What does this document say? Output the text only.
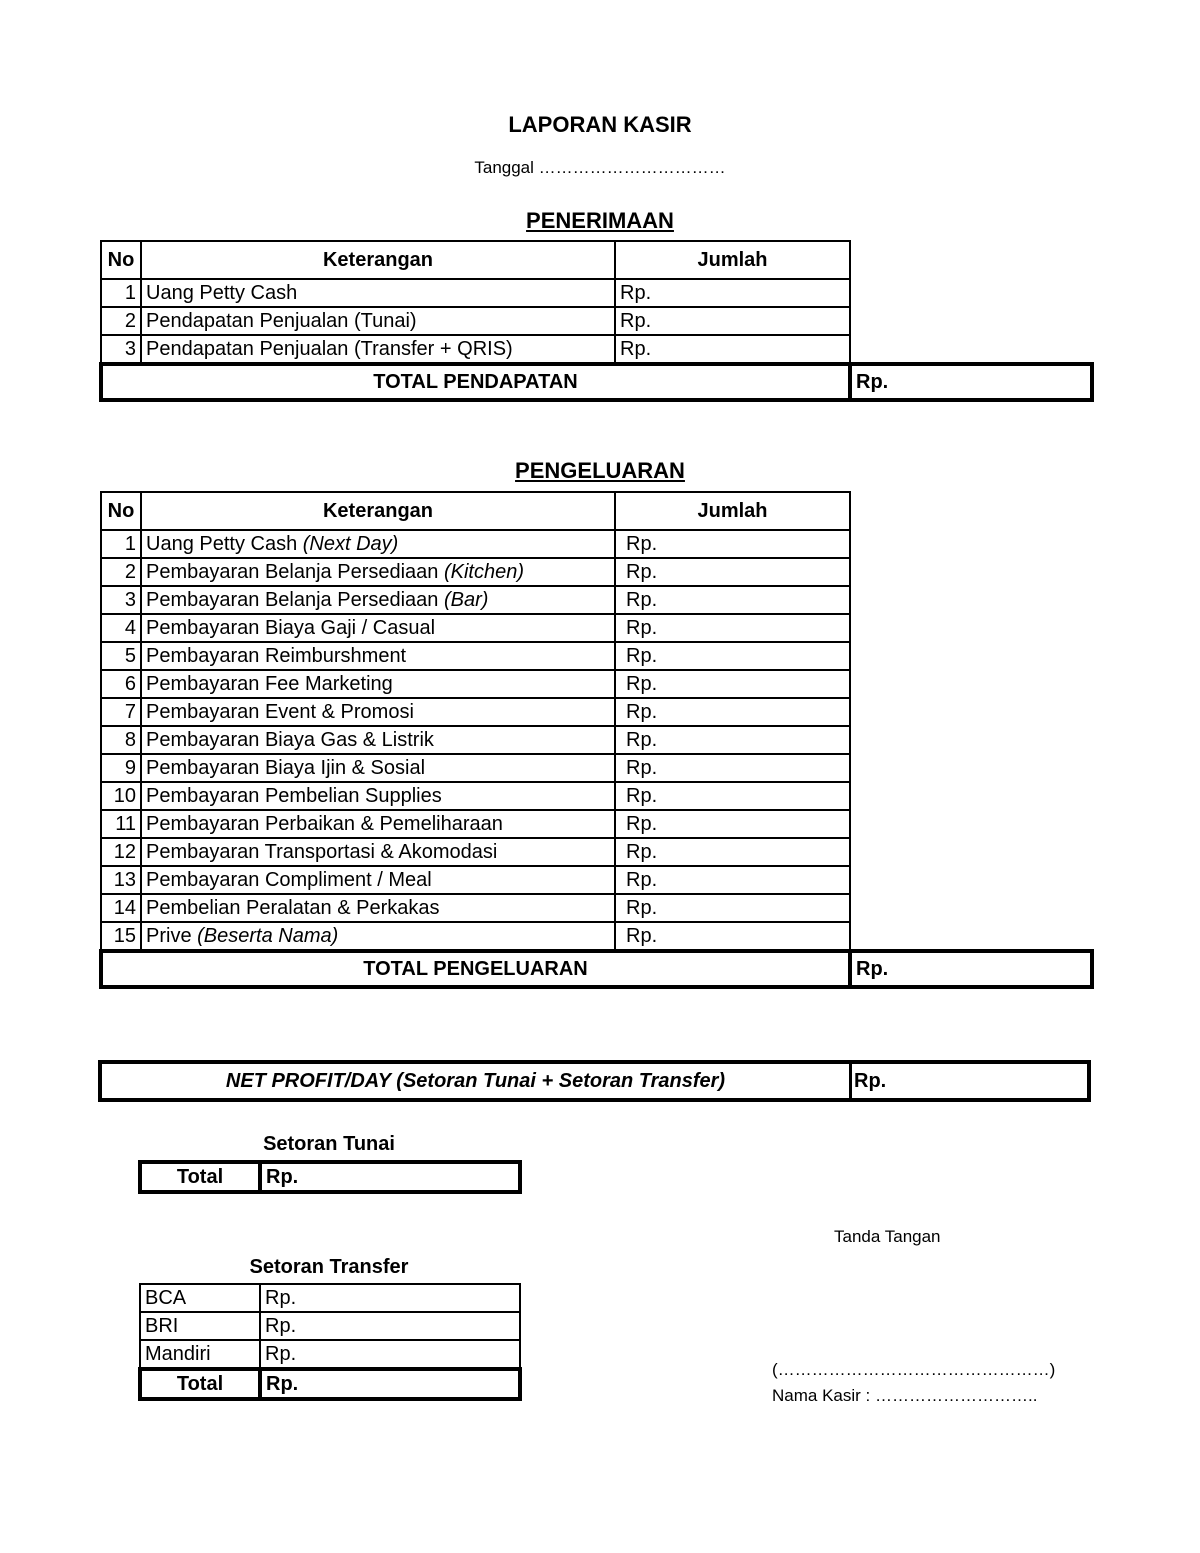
LAPORAN KASIR
Tanggal ……………………………
PENERIMAAN
No	Keterangan	Jumlah	
1	Uang Petty Cash	Rp.	
2	Pendapatan Penjualan (Tunai)	Rp.	
3	Pendapatan Penjualan (Transfer + QRIS)	Rp.	
TOTAL PENDAPATAN			Rp.
PENGELUARAN
No	Keterangan	Jumlah	
1	Uang Petty Cash (Next Day)	Rp.	
2	Pembayaran Belanja Persediaan (Kitchen)	Rp.	
3	Pembayaran Belanja Persediaan (Bar)	Rp.	
4	Pembayaran Biaya Gaji / Casual	Rp.	
5	Pembayaran Reimburshment	Rp.	
6	Pembayaran Fee Marketing	Rp.	
7	Pembayaran Event & Promosi	Rp.	
8	Pembayaran Biaya Gas & Listrik	Rp.	
9	Pembayaran Biaya Ijin & Sosial	Rp.	
10	Pembayaran Pembelian Supplies	Rp.	
11	Pembayaran Perbaikan & Pemeliharaan	Rp.	
12	Pembayaran Transportasi & Akomodasi	Rp.	
13	Pembayaran Compliment / Meal	Rp.	
14	Pembelian Peralatan & Perkakas	Rp.	
15	Prive (Beserta Nama)	Rp.	
TOTAL PENGELUARAN			Rp.
NET PROFIT/DAY (Setoran Tunai + Setoran Transfer)	Rp.
Setoran Tunai
Total	Rp.
Setoran Transfer
BCA	Rp.
BRI	Rp.
Mandiri	Rp.
Total	Rp.
Tanda Tangan
(…………………………………………)
Nama Kasir : ………………………..
